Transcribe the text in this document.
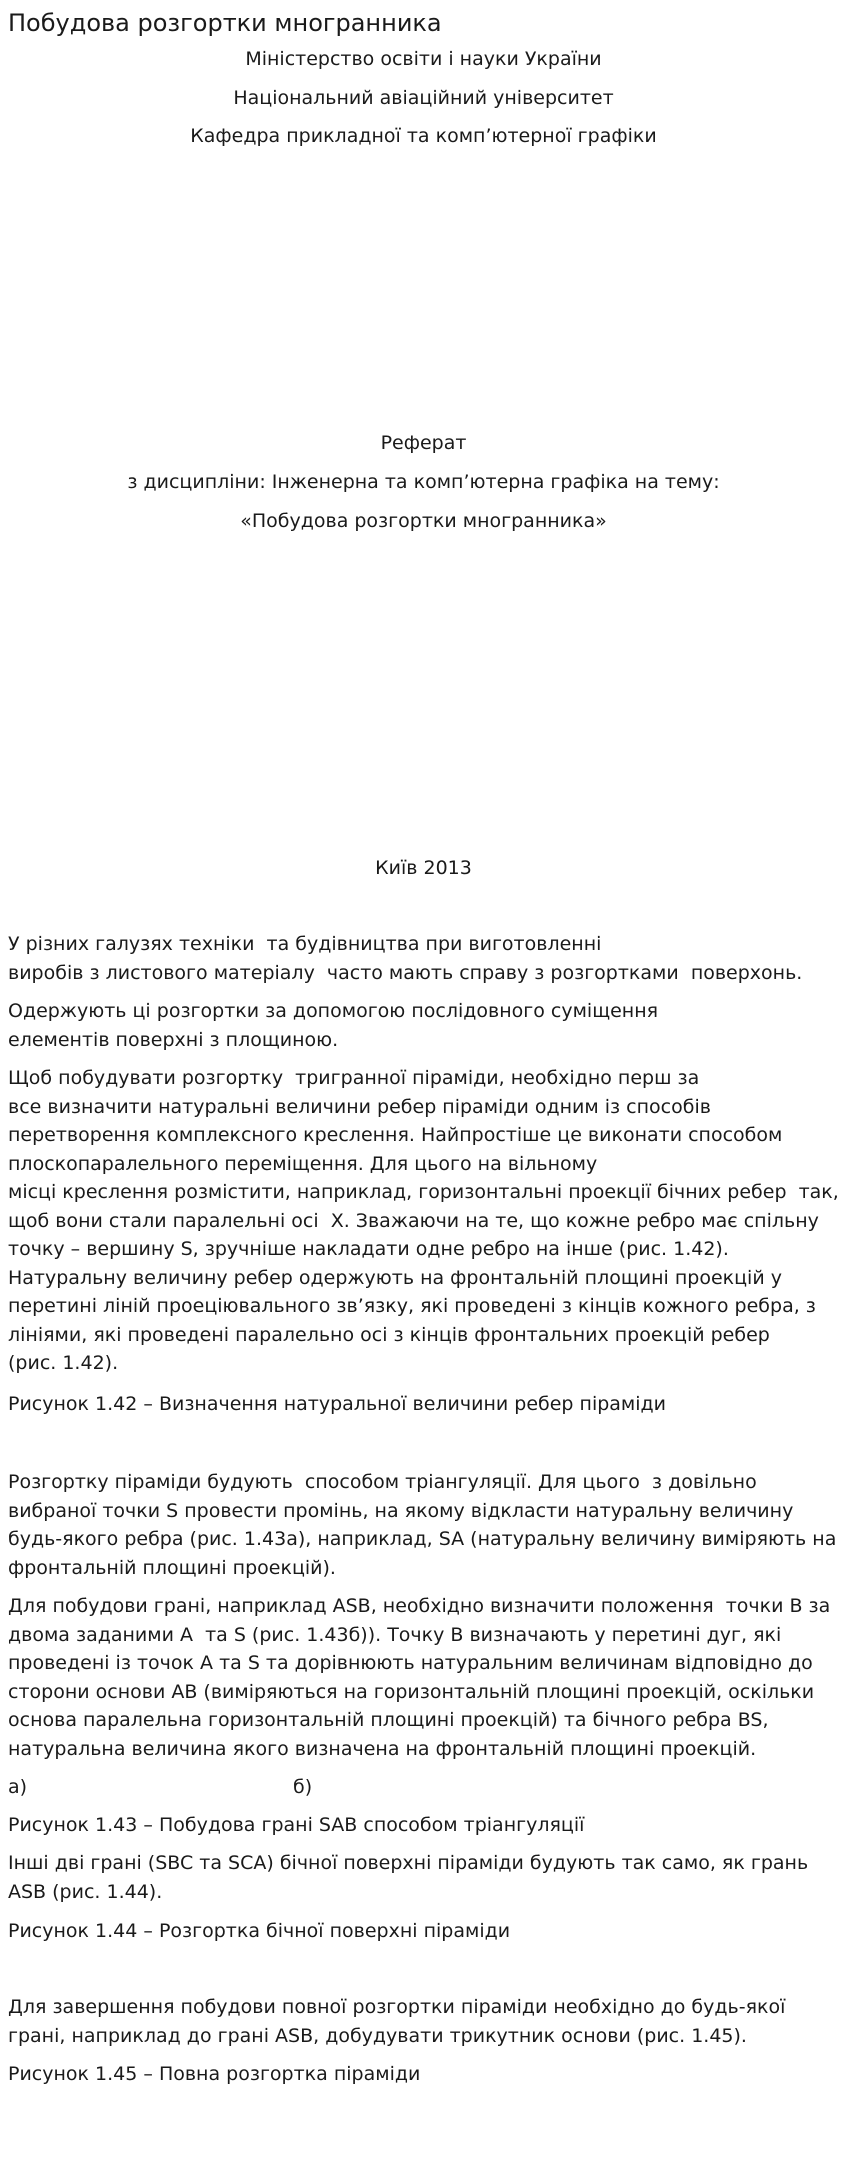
Побудова розгортки многранника

Міністерство освіти і науки України

Національний авіаційний університет

Кафедра прикладної та комп’ютерної графіки

Реферат

з дисципліни: Інженерна та комп’ютерна графіка на тему:

«Побудова розгортки многранника»

Київ 2013

У різних галузях техніки  та будівництва при виготовленні
виробів з листового матеріалу  часто мають справу з розгортками  поверхонь.

Одержують ці розгортки за допомогою послідовного суміщення
елементів поверхні з площиною.

Щоб побудувати розгортку  тригранної піраміди, необхідно перш за
все визначити натуральні величини ребер піраміди одним із способів
перетворення комплексного креслення. Найпростіше це виконати способом
плоскопаралельного переміщення. Для цього на вільному
місці креслення розмістити, наприклад, горизонтальні проекції бічних ребер  так,
щоб вони стали паралельні осі  X. Зважаючи на те, що кожне ребро має спільну
точку – вершину S, зручніше накладати одне ребро на інше (рис. 1.42).
Натуральну величину ребер одержують на фронтальній площині проекцій у
перетині ліній проеціювального зв’язку, які проведені з кінців кожного ребра, з
лініями, які проведені паралельно осі з кінців фронтальних проекцій ребер
(рис. 1.42).

Рисунок 1.42 – Визначення натуральної величини ребер піраміди

Розгортку піраміди будують  способом тріангуляції. Для цього  з довільно
вибраної точки S провести промінь, на якому відкласти натуральну величину
будь-якого ребра (рис. 1.43а), наприклад, SA (натуральну величину виміряють на
фронтальній площині проекцій).

Для побудови грані, наприклад ASB, необхідно визначити положення  точки B за
двома заданими А  та S (рис. 1.43б)). Точку B визначають у перетині дуг, які
проведені із точок A та S та дорівнюють натуральним величинам відповідно до
сторони основи AB (виміряються на горизонтальній площині проекцій, оскільки
основа паралельна горизонтальній площині проекцій) та бічного ребра BS,
натуральна величина якого визначена на фронтальній площині проекцій.

а)	б)

Рисунок 1.43 – Побудова грані SAB способом тріангуляції

Інші дві грані (SBC та SCA) бічної поверхні піраміди будують так само, як грань
ASB (рис. 1.44).

Рисунок 1.44 – Розгортка бічної поверхні піраміди

Для завершення побудови повної розгортки піраміди необхідно до будь-якої
грані, наприклад до грані ASB, добудувати трикутник основи (рис. 1.45).

Рисунок 1.45 – Повна розгортка піраміди
